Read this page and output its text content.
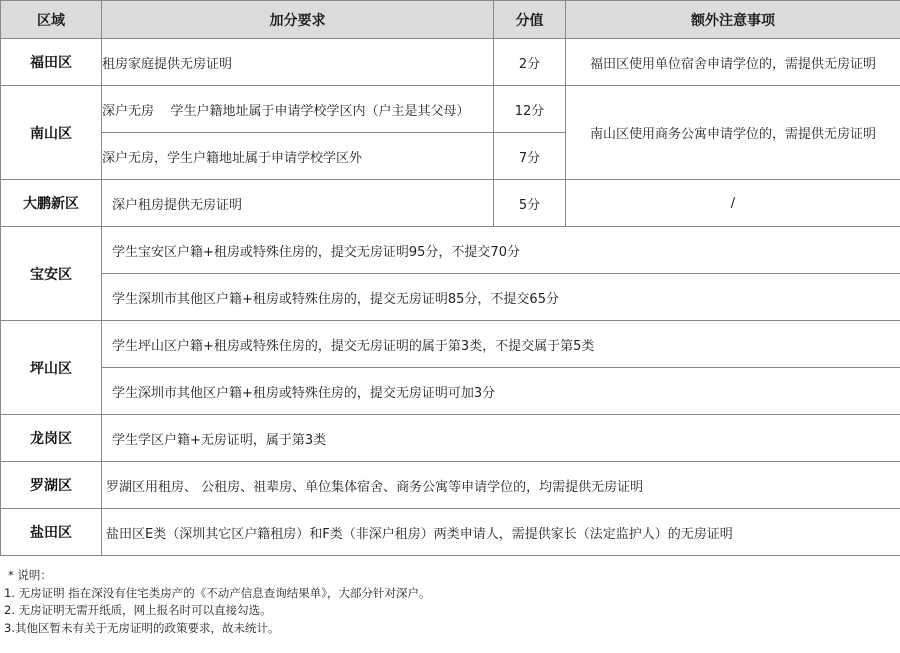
区域	加分要求	分值	额外注意事项
福田区	租房家庭提供无房证明	2分	福田区使用单位宿舍申请学位的，需提供无房证明
南山区	深户无房    学生户籍地址属于申请学校学区内（户主是其父母）	12分	南山区使用商务公寓申请学位的，需提供无房证明
	深户无房，学生户籍地址属于申请学校学区外	7分	
大鹏新区	深户租房提供无房证明	5分	/
宝安区	学生宝安区户籍+租房或特殊住房的，提交无房证明95分，不提交70分		
	学生深圳市其他区户籍+租房或特殊住房的，提交无房证明85分，不提交65分		
坪山区	学生坪山区户籍+租房或特殊住房的，提交无房证明的属于第3类，不提交属于第5类		
	学生深圳市其他区户籍+租房或特殊住房的，提交无房证明可加3分		
龙岗区	学生学区户籍+无房证明，属于第3类		
罗湖区	罗湖区用租房、 公租房、祖辈房、单位集体宿舍、商务公寓等申请学位的，均需提供无房证明		
盐田区	盐田区E类（深圳其它区户籍租房）和F类（非深户租房）两类申请人，需提供家长（法定监护人）的无房证明		
* 说明：
1. 无房证明 指在深没有住宅类房产的《不动产信息查询结果单》，大部分针对深户。
2. 无房证明无需开纸质，网上报名时可以直接勾选。
3.其他区暂未有关于无房证明的政策要求，故未统计。
